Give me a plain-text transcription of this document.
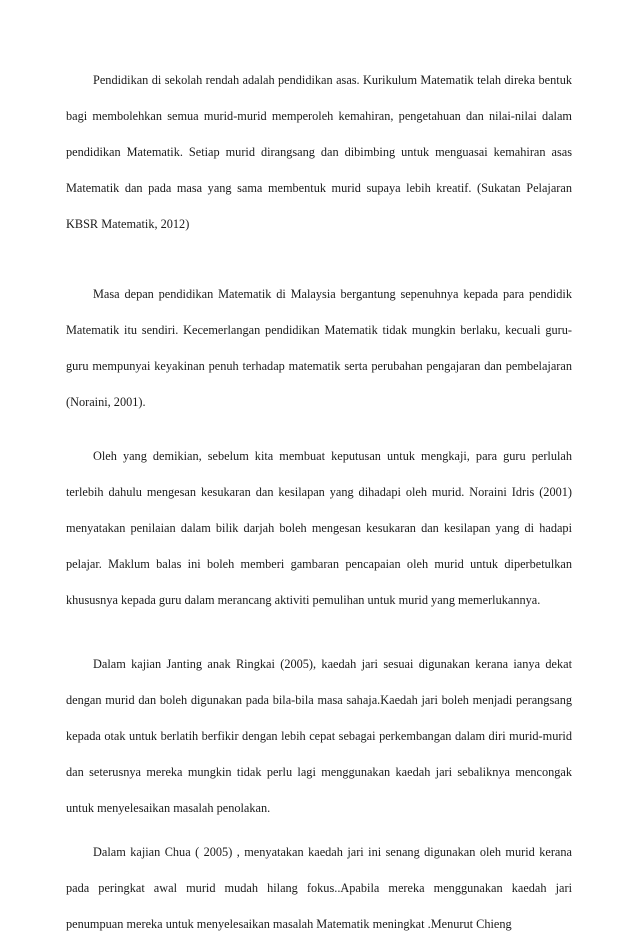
Pendidikan di sekolah rendah adalah pendidikan asas. Kurikulum Matematik telah direka bentuk bagi membolehkan semua murid-murid memperoleh kemahiran, pengetahuan dan nilai-nilai dalam pendidikan Matematik. Setiap murid dirangsang dan dibimbing untuk menguasai kemahiran asas Matematik dan pada masa yang sama membentuk murid supaya lebih kreatif. (Sukatan Pelajaran KBSR Matematik, 2012)

Masa depan pendidikan Matematik di Malaysia bergantung sepenuhnya kepada para pendidik Matematik itu sendiri. Kecemerlangan pendidikan Matematik tidak mungkin berlaku, kecuali guru-guru mempunyai keyakinan penuh terhadap matematik serta perubahan pengajaran dan pembelajaran (Noraini, 2001).

Oleh yang demikian, sebelum kita membuat keputusan untuk mengkaji, para guru perlulah terlebih dahulu mengesan kesukaran dan kesilapan yang dihadapi oleh murid. Noraini Idris (2001) menyatakan penilaian dalam bilik darjah boleh mengesan kesukaran dan kesilapan yang di hadapi pelajar. Maklum balas ini boleh memberi gambaran pencapaian oleh murid untuk diperbetulkan khususnya kepada guru dalam merancang aktiviti pemulihan untuk murid yang memerlukannya.

Dalam kajian Janting anak Ringkai (2005), kaedah jari sesuai digunakan kerana ianya dekat dengan murid dan boleh digunakan pada bila-bila masa sahaja.Kaedah jari boleh menjadi perangsang kepada otak untuk berlatih berfikir dengan lebih cepat sebagai perkembangan dalam diri murid-murid dan seterusnya mereka mungkin tidak perlu lagi menggunakan kaedah jari sebaliknya mencongak untuk menyelesaikan masalah penolakan.

Dalam kajian Chua ( 2005) , menyatakan kaedah jari ini senang digunakan oleh murid kerana pada peringkat awal murid mudah hilang fokus..Apabila mereka menggunakan kaedah jari penumpuan mereka untuk menyelesaikan masalah Matematik meningkat .Menurut Chieng
